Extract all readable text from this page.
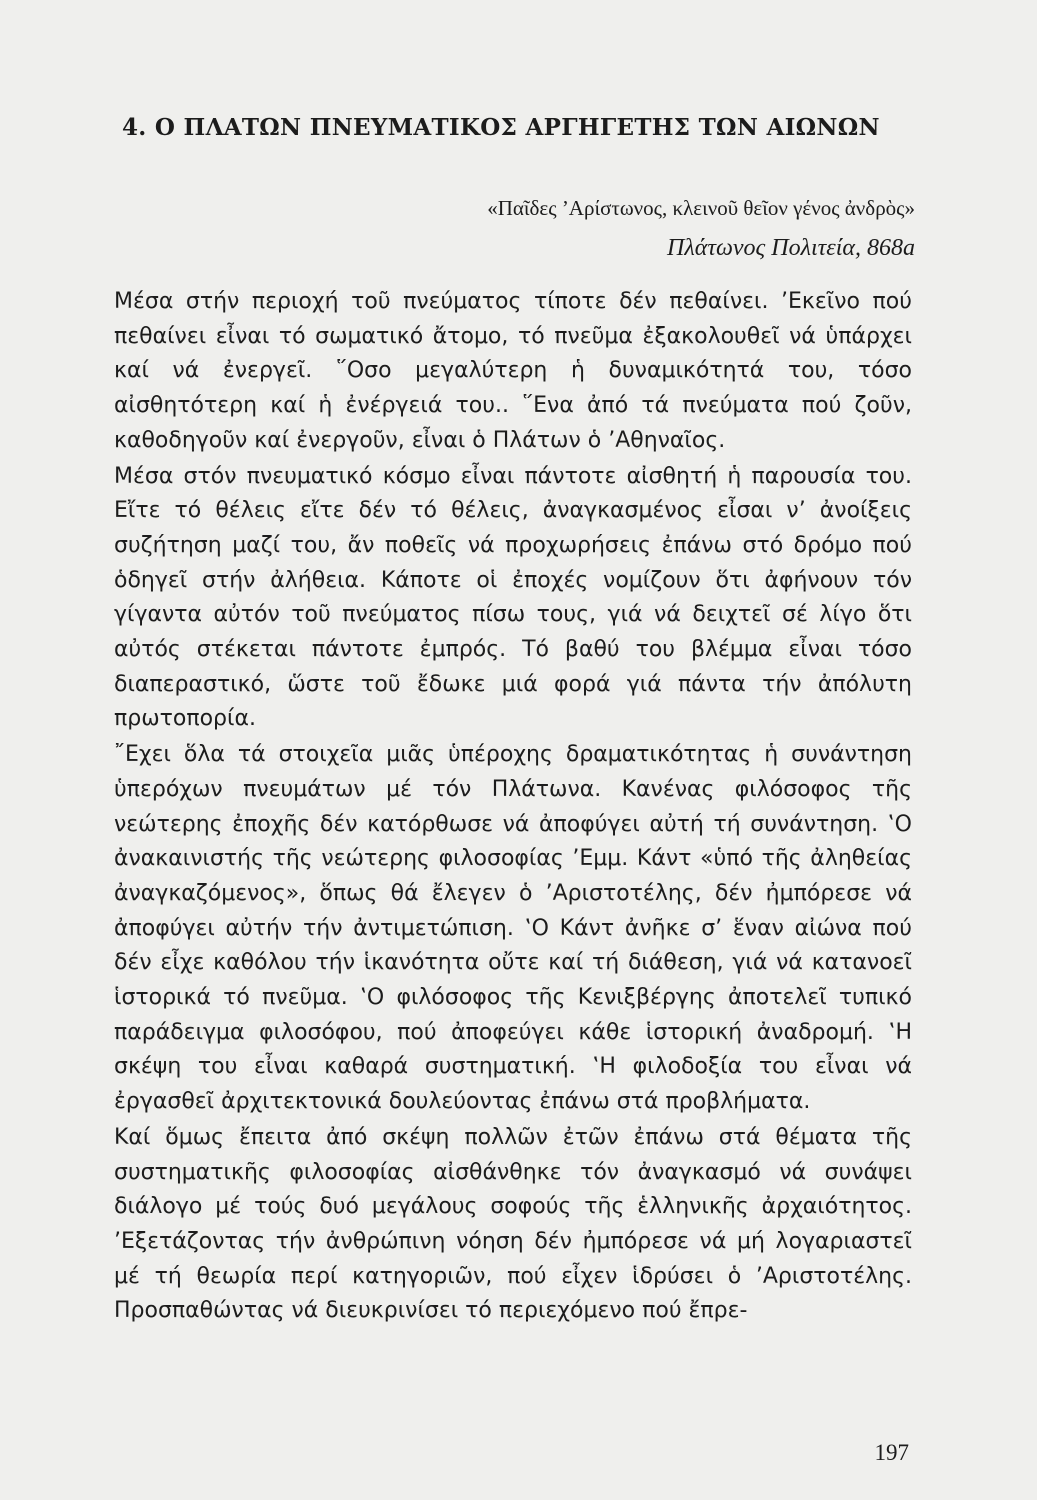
4. Ο ΠΛΑΤΩΝ ΠΝΕΥΜΑΤΙΚΟΣ ΑΡΓΗΓΕΤΗΣ ΤΩΝ ΑΙΩΝΩΝ
«Παῖδες ’Αρίστωνος, κλεινοῦ θεῖον γένος ἀνδρὸς»
Πλάτωνος Πολιτεία, 868a

Μέσα στήν περιοχή τοῦ πνεύματος τίποτε δέν πεθαίνει. ’Εκεῖνο πού πεθαίνει εἶναι τό σωματικό ἄτομο, τό πνεῦμα ἐξακολουθεῖ νά ὑπάρχει καί νά ἐνεργεῖ. ῞Οσο μεγαλύτερη ἡ δυναμικότητά του, τόσο αἰσθητότερη καί ἡ ἐνέργειά του.. ῞Ενα ἀπό τά πνεύματα πού ζοῦν, καθοδηγοῦν καί ἐνεργοῦν, εἶναι ὁ Πλάτων ὁ ’Αθηναῖος.

Μέσα στόν πνευματικό κόσμο εἶναι πάντοτε αἰσθητή ἡ παρουσία του. Εἴτε τό θέλεις εἴτε δέν τό θέλεις, ἀναγκασμένος εἶσαι ν’ ἀνοίξεις συζήτηση μαζί του, ἄν ποθεῖς νά προχωρήσεις ἐπάνω στό δρόμο πού ὁδηγεῖ στήν ἀλήθεια. Κάποτε οἱ ἐποχές νομίζουν ὅτι ἀφήνουν τόν γίγαντα αὐτόν τοῦ πνεύματος πίσω τους, γιά νά δειχτεῖ σέ λίγο ὅτι αὐτός στέκεται πάντοτε ἐμπρός. Τό βαθύ του βλέμμα εἶναι τόσο διαπεραστικό, ὥστε τοῦ ἔδωκε μιά φορά γιά πάντα τήν ἀπόλυτη πρωτοπορία.

῎Εχει ὅλα τά στοιχεῖα μιᾶς ὑπέροχης δραματικότητας ἡ συνάντηση ὑπερόχων πνευμάτων μέ τόν Πλάτωνα. Κανένας φιλόσοφος τῆς νεώτερης ἐποχῆς δέν κατόρθωσε νά ἀποφύγει αὐτή τή συνάντηση. ‛Ο ἀνακαινιστής τῆς νεώτερης φιλοσοφίας ’Εμμ. Κάντ «ὑπό τῆς ἀληθείας ἀναγκαζόμενος», ὅπως θά ἔλεγεν ὁ ’Αριστοτέλης, δέν ἠμπόρεσε νά ἀποφύγει αὐτήν τήν ἀντιμετώπιση. ‛Ο Κάντ ἀνῆκε σ’ ἕναν αἰώνα πού δέν εἶχε καθόλου τήν ἱκανότητα οὔτε καί τή διάθεση, γιά νά κατανοεῖ ἱστορικά τό πνεῦμα. ‛Ο φιλόσοφος τῆς Κενιξβέργης ἀποτελεῖ τυπικό παράδειγμα φιλοσόφου, πού ἀποφεύγει κάθε ἱστορική ἀναδρομή. ‛Η σκέψη του εἶναι καθαρά συστηματική. ‛Η φιλοδοξία του εἶναι νά ἐργασθεῖ ἀρχιτεκτονικά δουλεύοντας ἐπάνω στά προβλήματα.

Καί ὅμως ἔπειτα ἀπό σκέψη πολλῶν ἐτῶν ἐπάνω στά θέματα τῆς συστηματικῆς φιλοσοφίας αἰσθάνθηκε τόν ἀναγκασμό νά συνάψει διάλογο μέ τούς δυό μεγάλους σοφούς τῆς ἑλληνικῆς ἀρχαιότητος. ’Εξετάζοντας τήν ἀνθρώπινη νόηση δέν ἠμπόρεσε νά μή λογαριαστεῖ μέ τή θεωρία περί κατηγοριῶν, πού εἶχεν ἱδρύσει ὁ ’Αριστοτέλης. Προσπαθώντας νά διευκρινίσει τό περιεχόμενο πού ἔπρε-

197
